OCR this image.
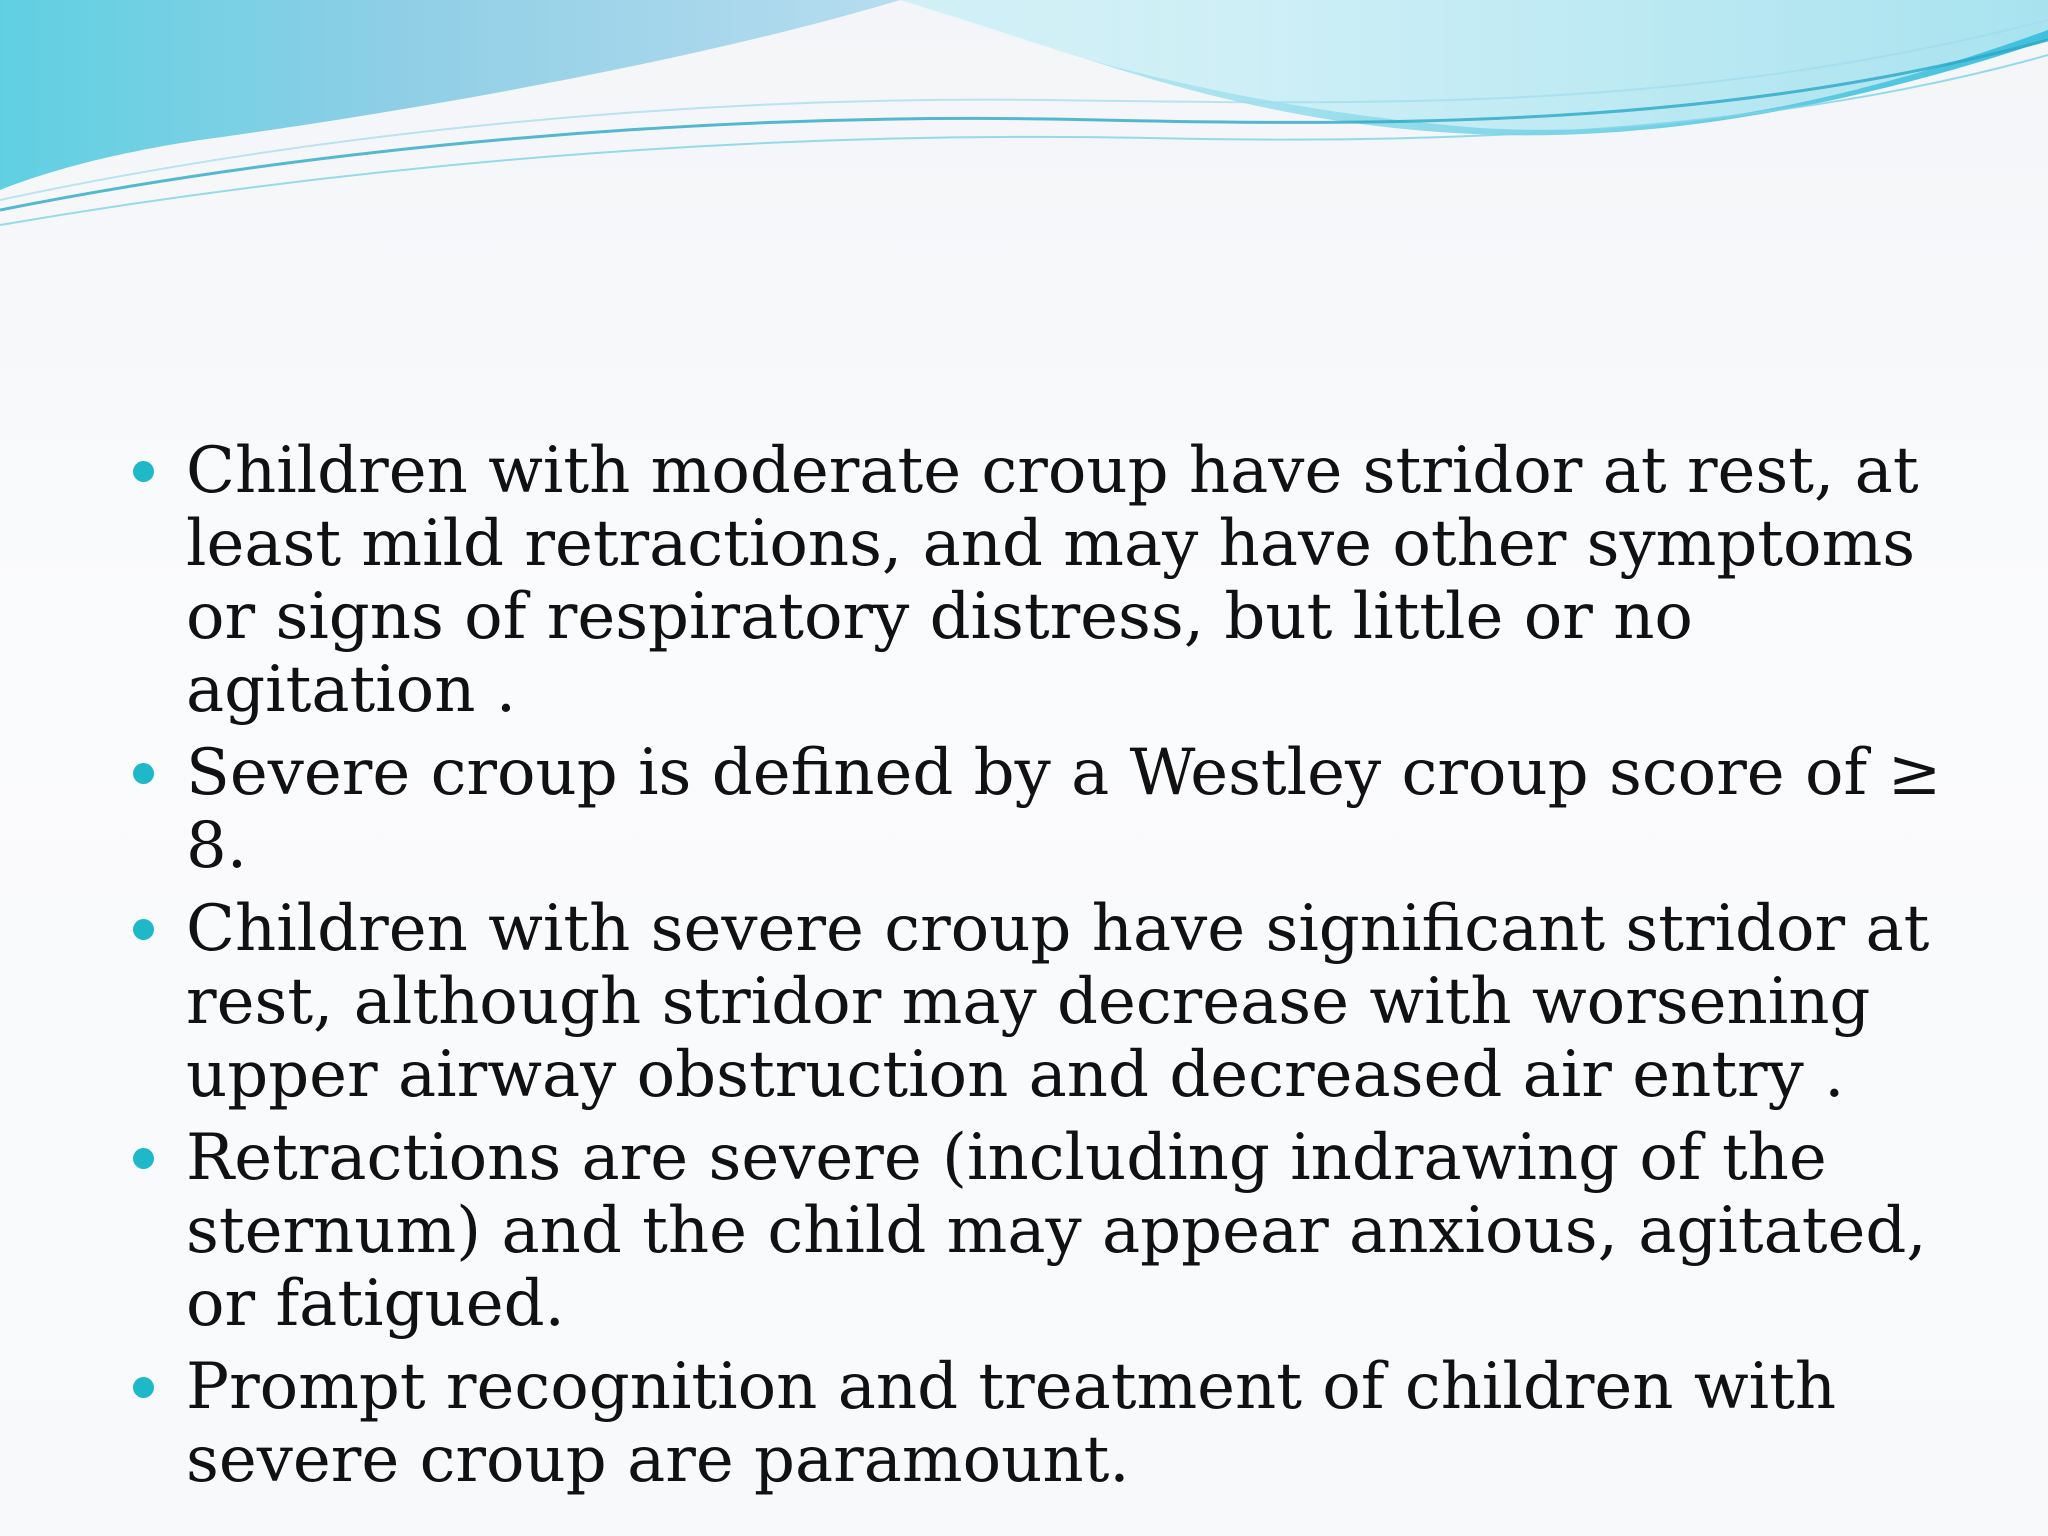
Children with moderate croup have stridor at rest, at least mild retractions, and may have other symptoms or signs of respiratory distress, but little or no agitation .
Severe croup is defined by a Westley croup score of ≥ 8.
Children with severe croup have significant stridor at rest, although stridor may decrease with worsening upper airway obstruction and decreased air entry .
Retractions are severe (including indrawing of the sternum) and the child may appear anxious, agitated, or fatigued.
Prompt recognition and treatment of children with severe croup are paramount.
